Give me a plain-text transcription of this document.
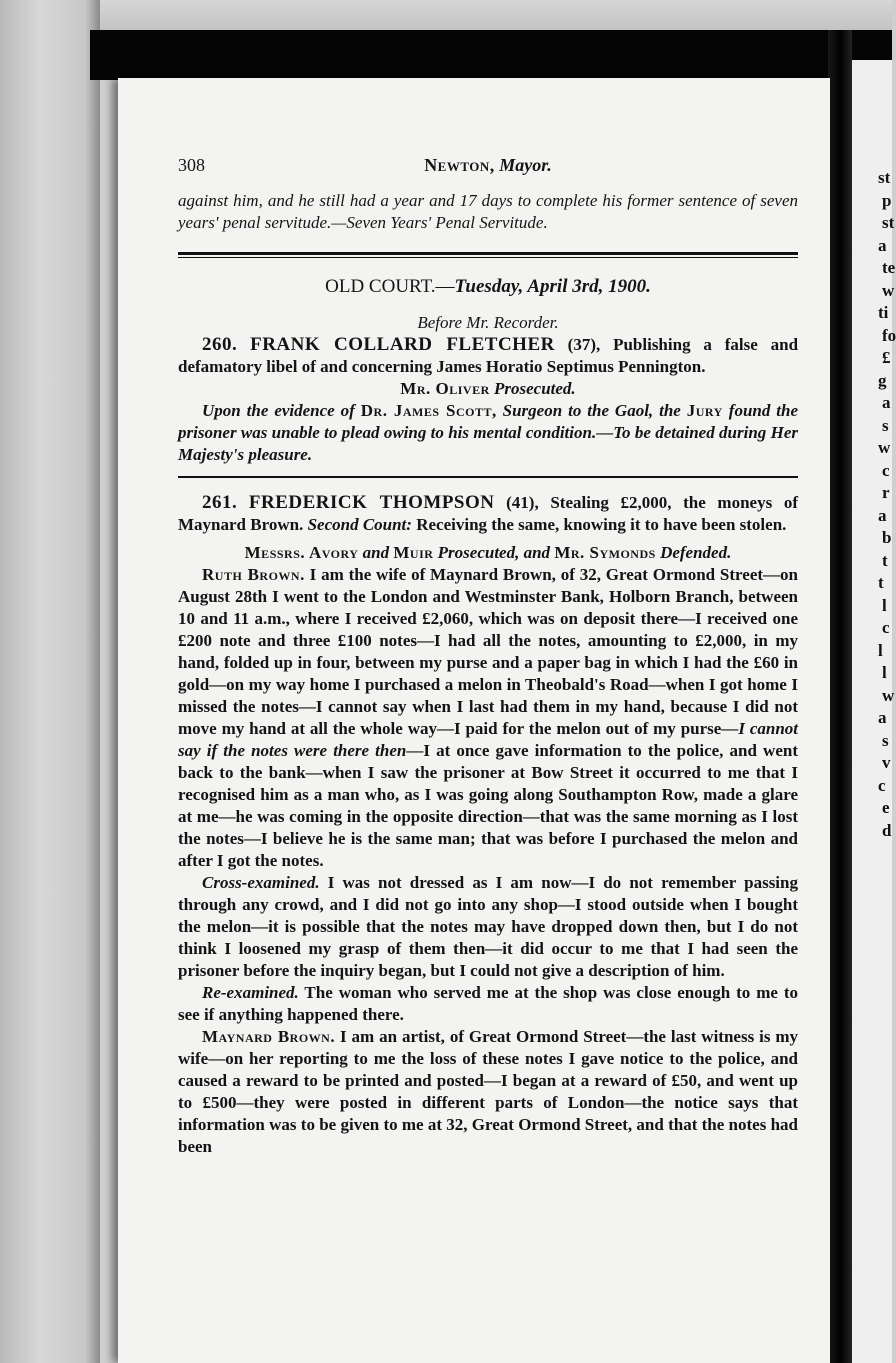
st
p
st
a
te
w
ti
fo
£
g
a
s
w
c
r
a
b
t
t
l
c
l
l
w
a
s
v
c
e
d
308	Newton, Mayor.

against him, and he still had a year and 17 days to complete his former sentence of seven years' penal servitude.—Seven Years' Penal Servitude.

OLD COURT.—Tuesday, April 3rd, 1900.

Before Mr. Recorder.

260. FRANK COLLARD FLETCHER (37), Publishing a false and defamatory libel of and concerning James Horatio Septimus Pennington.

Mr. Oliver Prosecuted.

Upon the evidence of Dr. James Scott, Surgeon to the Gaol, the Jury found the prisoner was unable to plead owing to his mental condition.—To be detained during Her Majesty's pleasure.

261. FREDERICK THOMPSON (41), Stealing £2,000, the moneys of Maynard Brown. Second Count: Receiving the same, knowing it to have been stolen.

Messrs. Avory and Muir Prosecuted, and Mr. Symonds Defended.

Ruth Brown. I am the wife of Maynard Brown, of 32, Great Ormond Street—on August 28th I went to the London and Westminster Bank, Holborn Branch, between 10 and 11 a.m., where I received £2,060, which was on deposit there—I received one £200 note and three £100 notes—I had all the notes, amounting to £2,000, in my hand, folded up in four, between my purse and a paper bag in which I had the £60 in gold—on my way home I purchased a melon in Theobald's Road—when I got home I missed the notes—I cannot say when I last had them in my hand, because I did not move my hand at all the whole way—I paid for the melon out of my purse—I cannot say if the notes were there then—I at once gave information to the police, and went back to the bank—when I saw the prisoner at Bow Street it occurred to me that I recognised him as a man who, as I was going along Southampton Row, made a glare at me—he was coming in the opposite direction—that was the same morning as I lost the notes—I believe he is the same man; that was before I purchased the melon and after I got the notes.

Cross-examined. I was not dressed as I am now—I do not remember passing through any crowd, and I did not go into any shop—I stood outside when I bought the melon—it is possible that the notes may have dropped down then, but I do not think I loosened my grasp of them then—it did occur to me that I had seen the prisoner before the inquiry began, but I could not give a description of him.

Re-examined. The woman who served me at the shop was close enough to me to see if anything happened there.

Maynard Brown. I am an artist, of Great Ormond Street—the last witness is my wife—on her reporting to me the loss of these notes I gave notice to the police, and caused a reward to be printed and posted—I began at a reward of £50, and went up to £500—they were posted in different parts of London—the notice says that information was to be given to me at 32, Great Ormond Street, and that the notes had been
